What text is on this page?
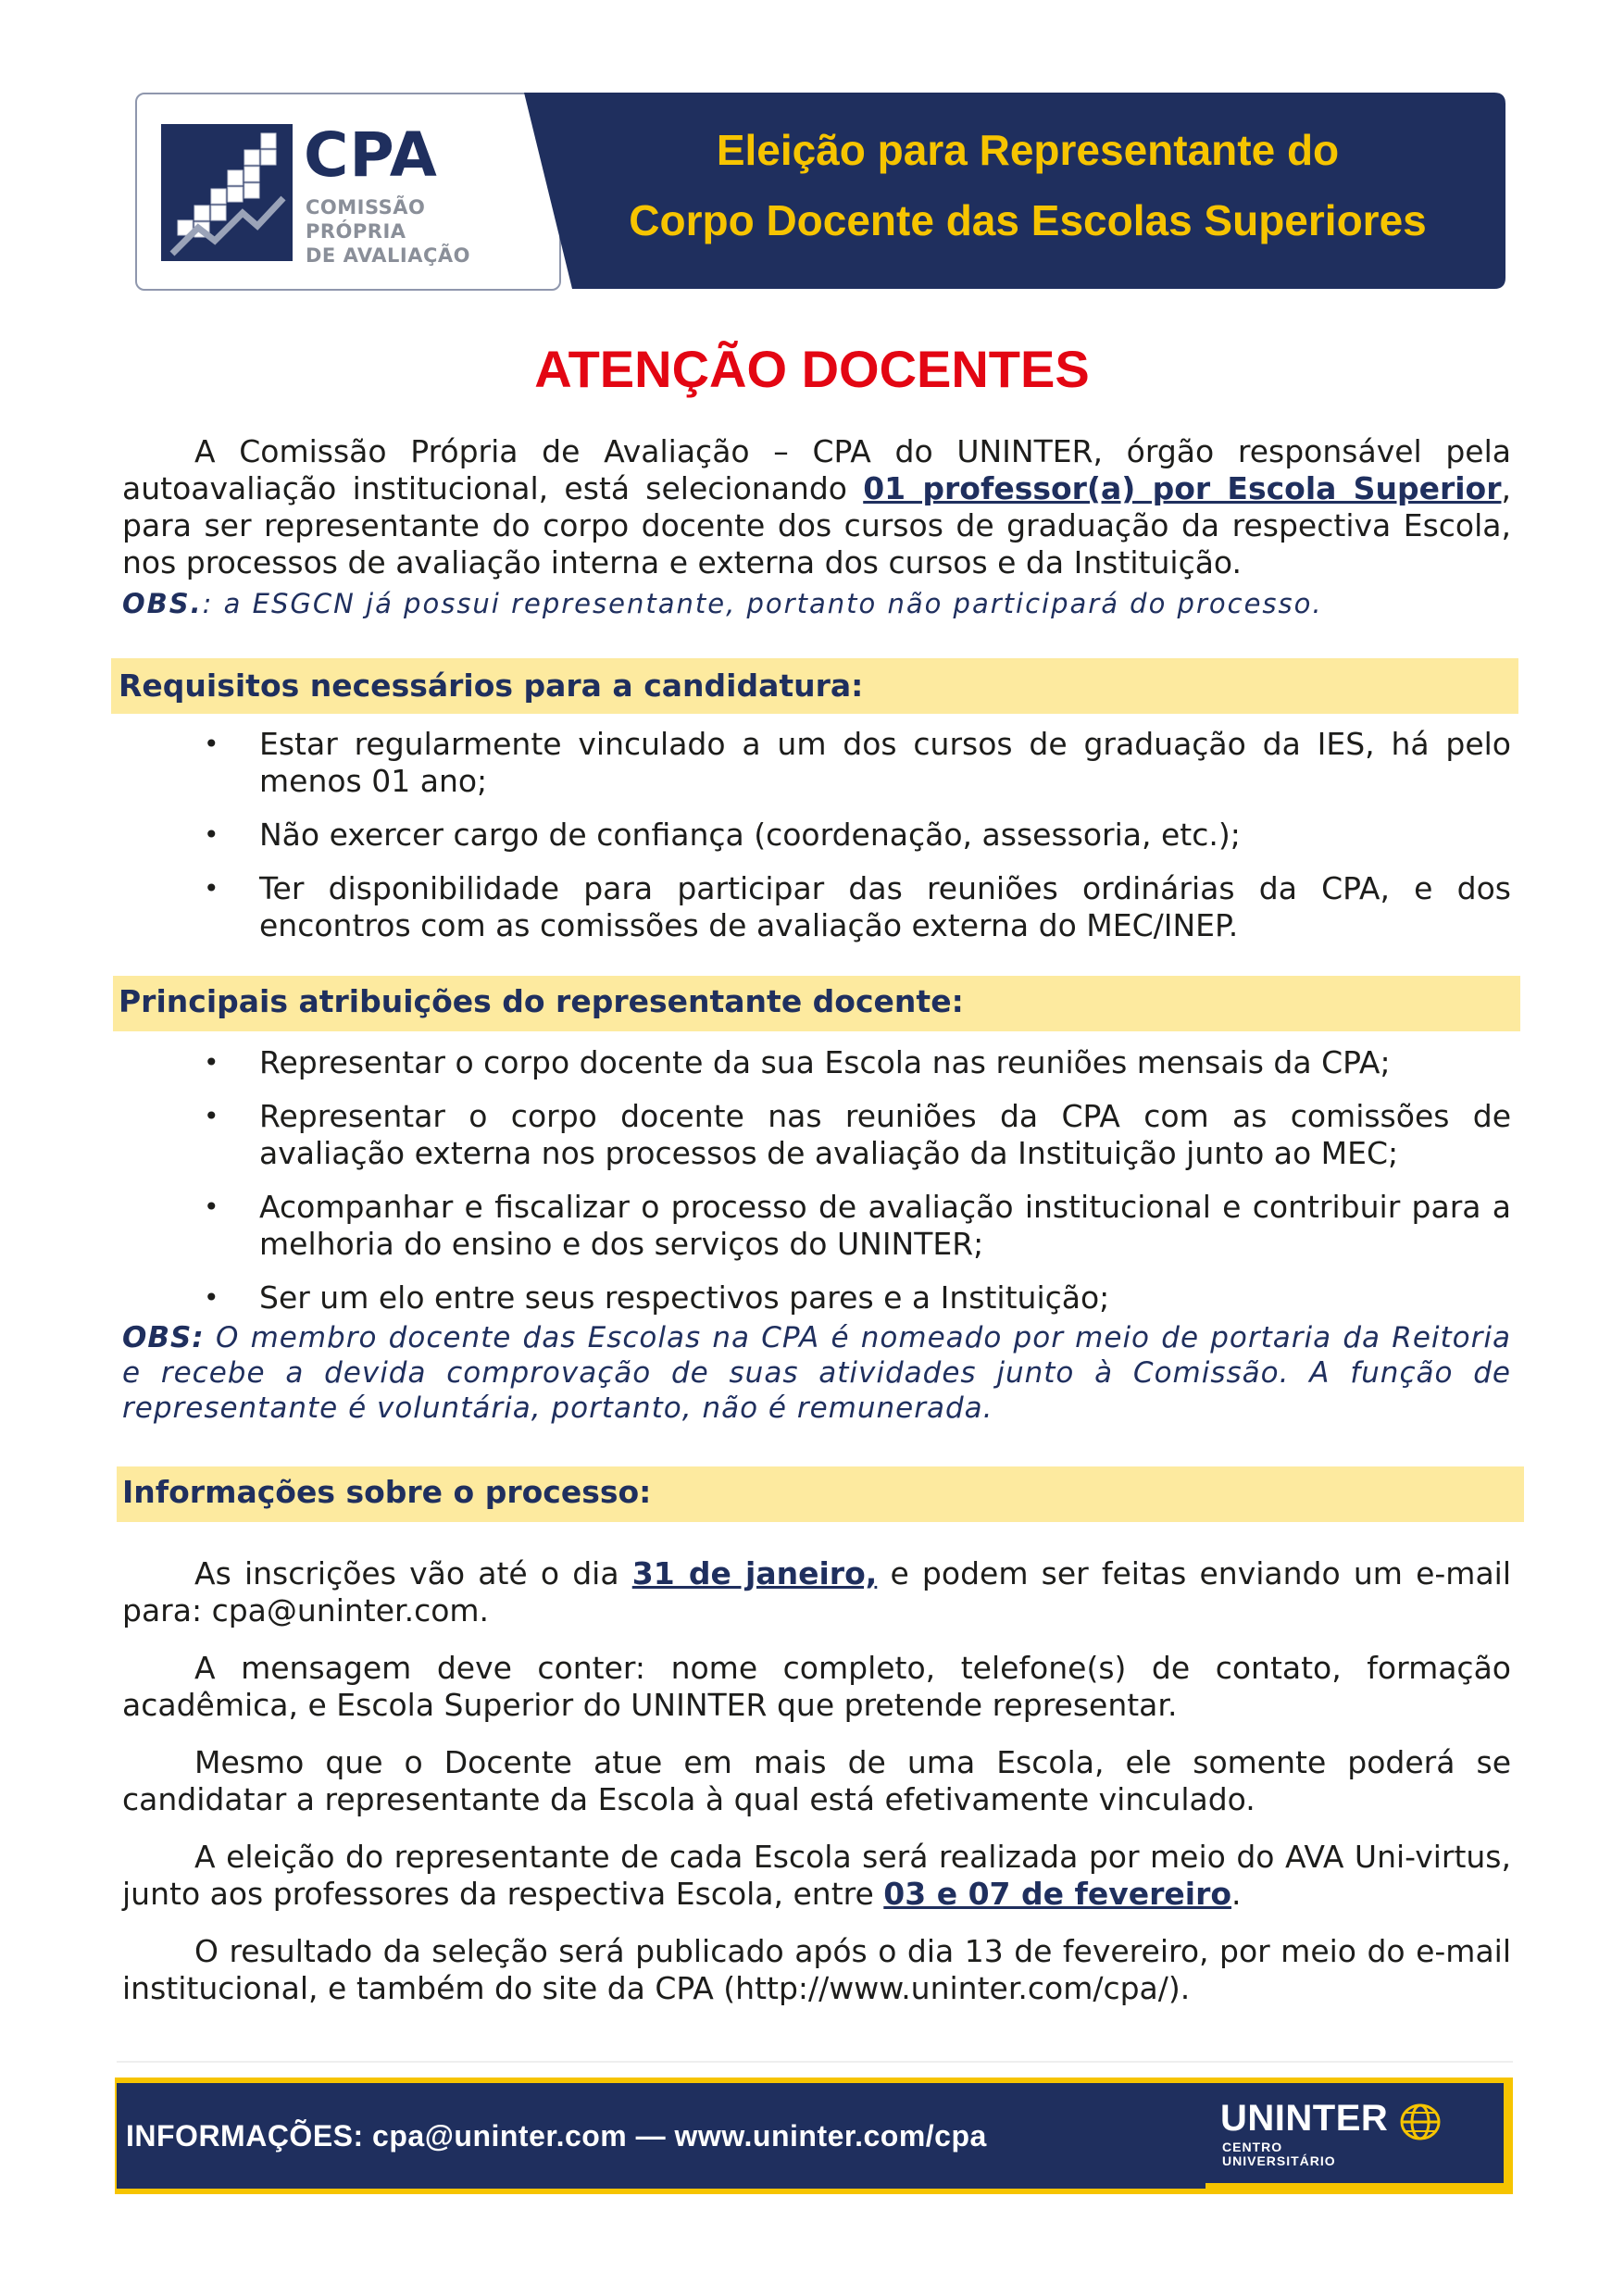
CPA
COMISSÃO PRÓPRIA
DE AVALIAÇÃO
Eleição para Representante do
Corpo Docente das Escolas Superiores
ATENÇÃO DOCENTES

A Comissão Própria de Avaliação – CPA do UNINTER, órgão responsável pela autoavaliação institucional, está selecionando 01 professor(a) por Escola Superior, para ser representante do corpo docente dos cursos de graduação da respectiva Escola, nos processos de avaliação interna e externa dos cursos e da Instituição.

OBS.: a ESGCN já possui representante, portanto não participará do processo.
Requisitos necessários para a candidatura:
• Estar regularmente vinculado a um dos cursos de graduação da IES, há pelo menos 01 ano;
• Não exercer cargo de confiança (coordenação, assessoria, etc.);
• Ter disponibilidade para participar das reuniões ordinárias da CPA, e dos encontros com as comissões de avaliação externa do MEC/INEP.
Principais atribuições do representante docente:
• Representar o corpo docente da sua Escola nas reuniões mensais da CPA;
• Representar o corpo docente nas reuniões da CPA com as comissões de avaliação externa nos processos de avaliação da Instituição junto ao MEC;
• Acompanhar e fiscalizar o processo de avaliação institucional e contribuir para a melhoria do ensino e dos serviços do UNINTER;
• Ser um elo entre seus respectivos pares e a Instituição;
OBS: O membro docente das Escolas na CPA é nomeado por meio de portaria da Reitoria e recebe a devida comprovação de suas atividades junto à Comissão. A função de representante é voluntária, portanto, não é remunerada.
Informações sobre o processo:

As inscrições vão até o dia 31 de janeiro, e podem ser feitas enviando um e-mail para: cpa@uninter.com.

A mensagem deve conter: nome completo, telefone(s) de contato, formação acadêmica, e Escola Superior do UNINTER que pretende representar.

Mesmo que o Docente atue em mais de uma Escola, ele somente poderá se candidatar a representante da Escola à qual está efetivamente vinculado.

A eleição do representante de cada Escola será realizada por meio do AVA Uni-virtus, junto aos professores da respectiva Escola, entre 03 e 07 de fevereiro.

O resultado da seleção será publicado após o dia 13 de fevereiro, por meio do e-mail institucional, e também do site da CPA (http://www.uninter.com/cpa/).

INFORMAÇÕES: cpa@uninter.com — www.uninter.com/cpa	UNINTER
CENTRO
UNIVERSITÁRIO
